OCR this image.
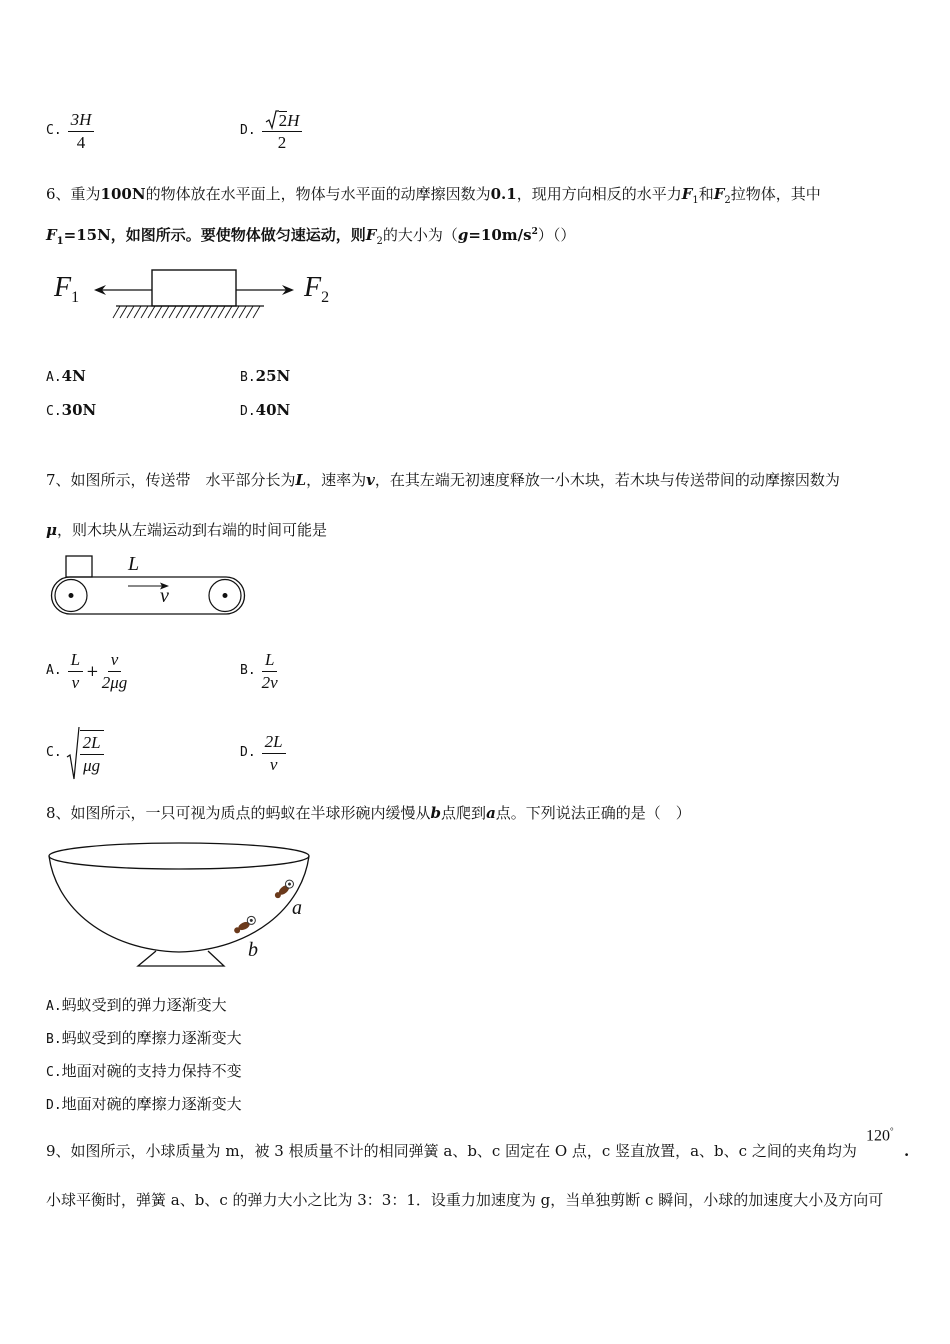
C. $\frac{3H}{4}$	D. $\frac{2 H}{2}$
6、重为100N的物体放在水平面上，物体与水平面的动摩擦因数为0.1，现用方向相反的水平力$F_1$和$F_2$拉物体，其中
$F_1=15N$，如图所示。要使物体做匀速运动，则$F_2$的大小为$(g=10m/s^2)()$
$F_1$	$F_2$
A.4N	B.25N
C.30N	D.40N
7、如图所示，传送带　水平部分长为L，速率为v，在其左端无初速度释放一小木块，若木块与传送带间的动摩擦因数为
μ，则木块从左端运动到右端的时间可能是
L
v
A. $\frac{L}{v} + \frac{v}{2\mu g}$	B. $\frac{L}{2v}$
C. $\frac{2L}{\mu g}$	D. $\frac{2L}{v}$
8、如图所示，一只可视为质点的蚂蚁在半球形碗内缓慢从b点爬到a点。下列说法正确的是（　）
a
b
A.蚂蚁受到的弹力逐渐变大
B.蚂蚁受到的摩擦力逐渐变大
C.地面对碗的支持力保持不变
D.地面对碗的摩擦力逐渐变大
9、如图所示，小球质量为 m，被 3 根质量不计的相同弹簧 a、b、c 固定在 O 点，c 竖直放置，a、b、c 之间的夹角均为
120°
.
小球平衡时，弹簧 a、b、c 的弹力大小之比为 3：3：1．设重力加速度为 g，当单独剪断 c 瞬间，小球的加速度大小及方向可
